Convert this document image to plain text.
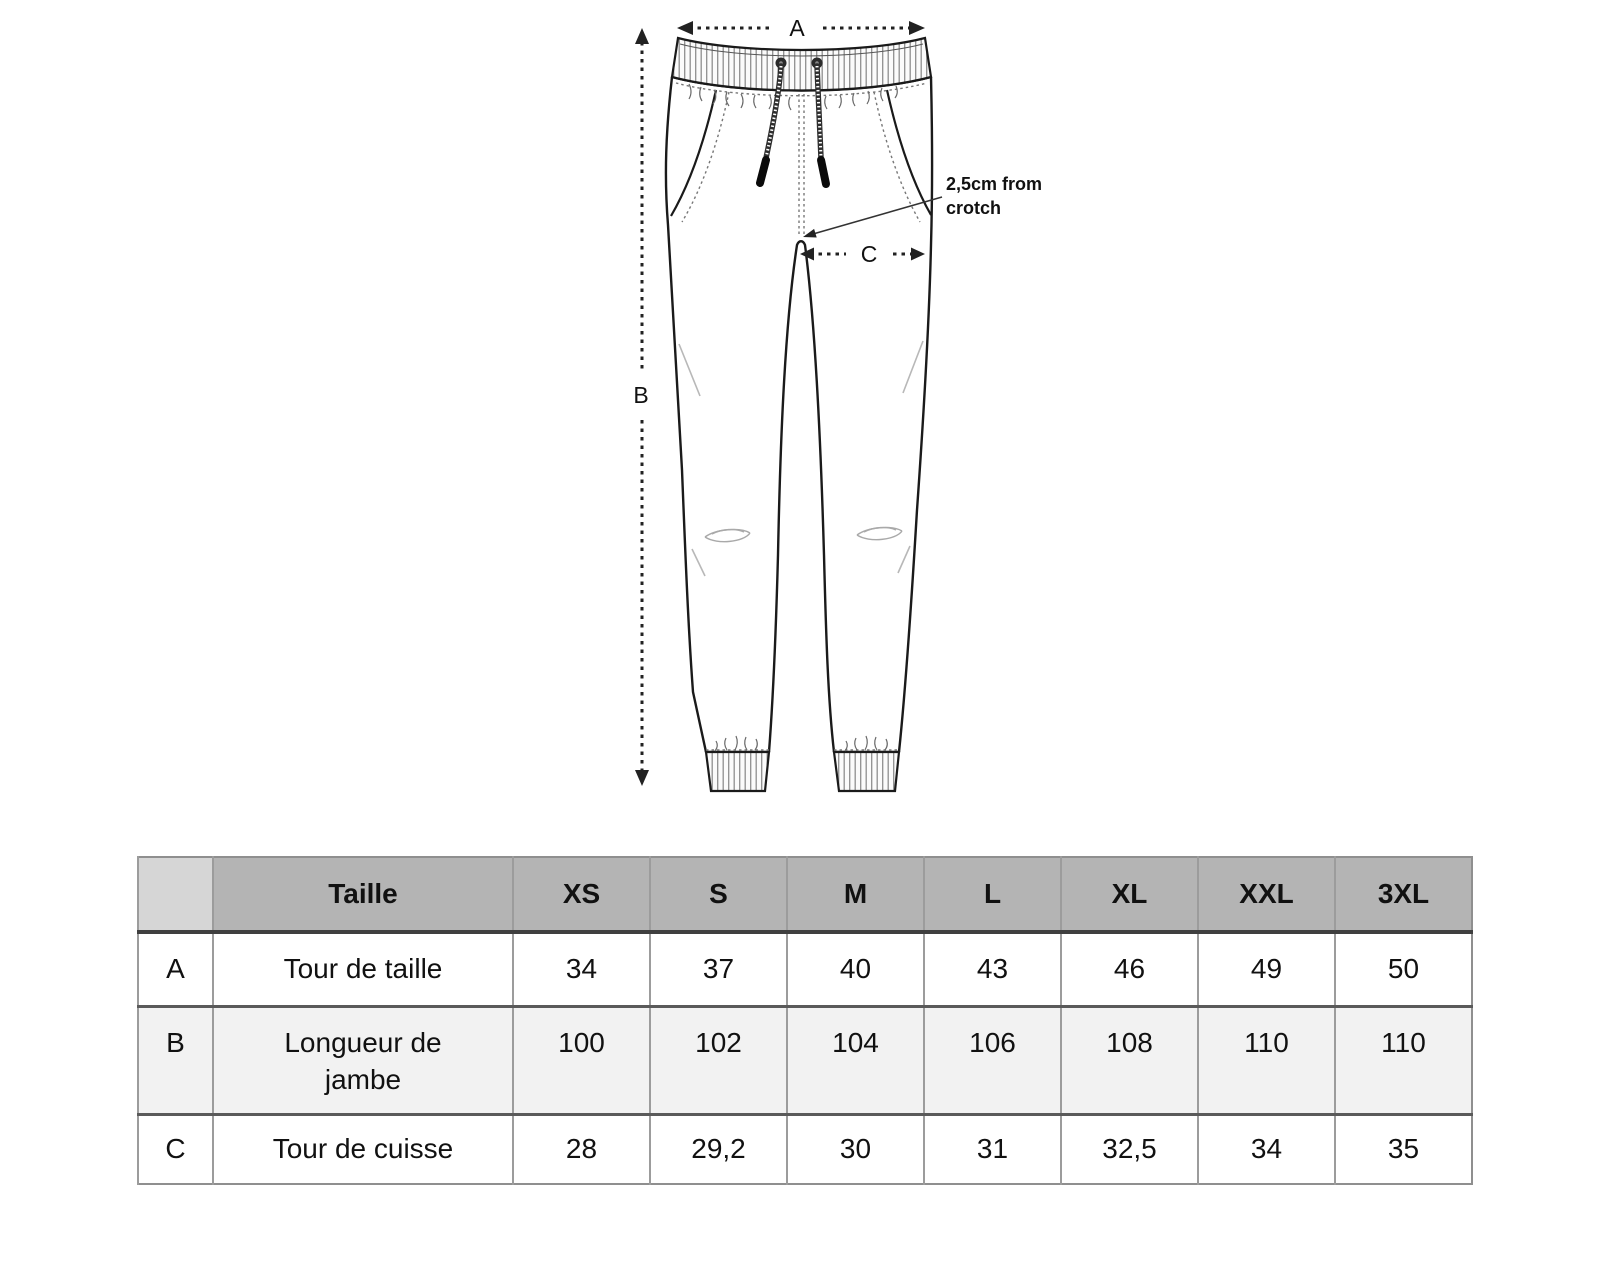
B
A
C
2,5cm from
crotch
	Taille	XS	S	M	L	XL	XXL	3XL
A	Tour de taille	34	37	40	43	46	49	50
B	Longueur de jambe	100	102	104	106	108	110	110
C	Tour de cuisse	28	29,2	30	31	32,5	34	35
